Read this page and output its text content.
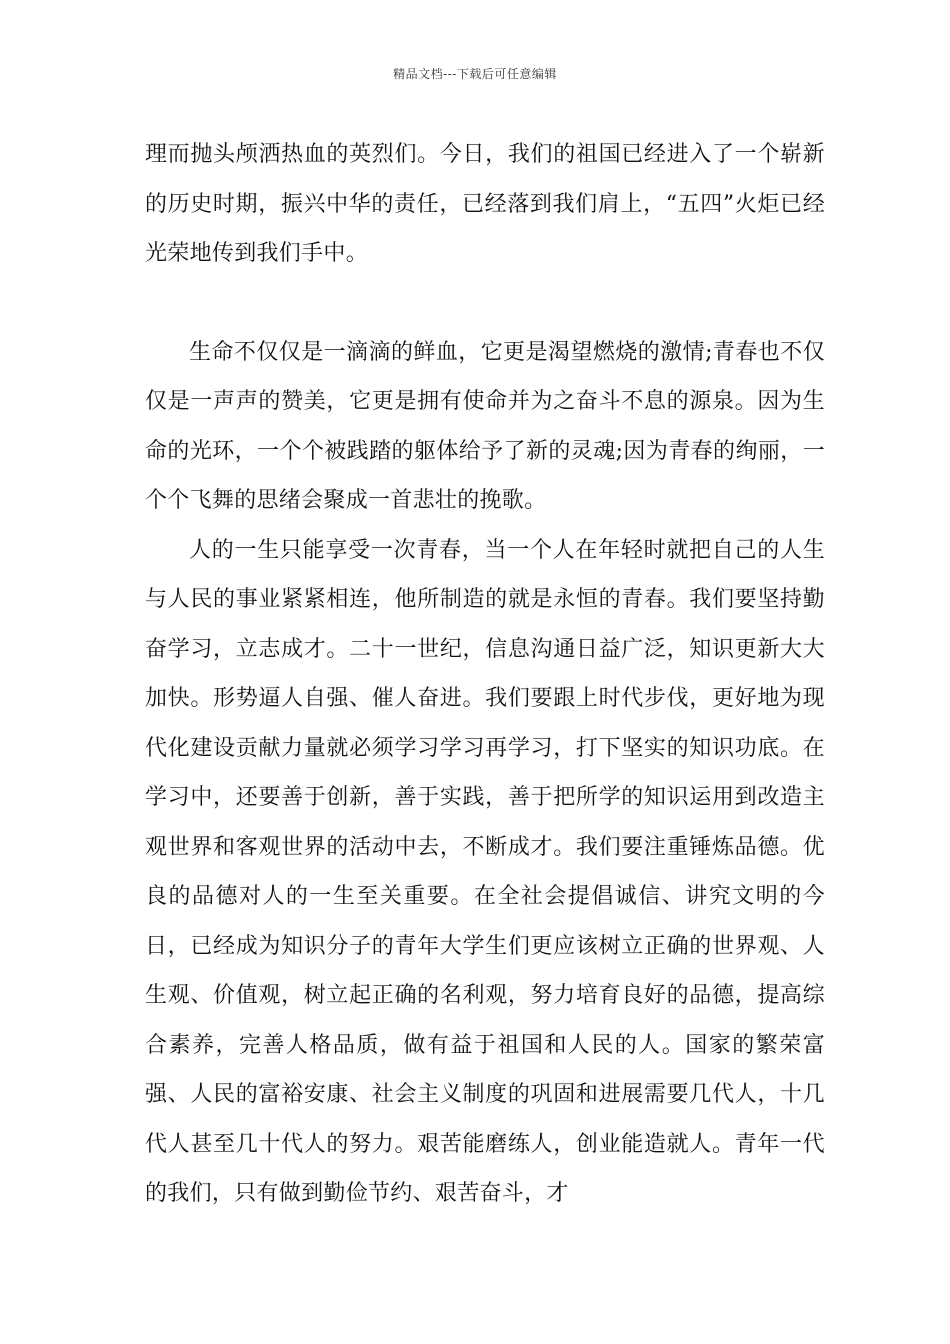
精品文档---下载后可任意编辑

理而抛头颅洒热血的英烈们。今日，我们的祖国已经进入了一个崭新的历史时期，振兴中华的责任，已经落到我们肩上，“五四”火炬已经光荣地传到我们手中。

生命不仅仅是一滴滴的鲜血，它更是渴望燃烧的激情;青春也不仅仅是一声声的赞美，它更是拥有使命并为之奋斗不息的源泉。因为生命的光环，一个个被践踏的躯体给予了新的灵魂;因为青春的绚丽，一个个飞舞的思绪会聚成一首悲壮的挽歌。

人的一生只能享受一次青春，当一个人在年轻时就把自己的人生与人民的事业紧紧相连，他所制造的就是永恒的青春。我们要坚持勤奋学习，立志成才。二十一世纪，信息沟通日益广泛，知识更新大大加快。形势逼人自强、催人奋进。我们要跟上时代步伐，更好地为现代化建设贡献力量就必须学习学习再学习，打下坚实的知识功底。在学习中，还要善于创新，善于实践，善于把所学的知识运用到改造主观世界和客观世界的活动中去，不断成才。我们要注重锤炼品德。优良的品德对人的一生至关重要。在全社会提倡诚信、讲究文明的今日，已经成为知识分子的青年大学生们更应该树立正确的世界观、人生观、价值观，树立起正确的名利观，努力培育良好的品德，提高综合素养，完善人格品质，做有益于祖国和人民的人。国家的繁荣富强、人民的富裕安康、社会主义制度的巩固和进展需要几代人，十几代人甚至几十代人的努力。艰苦能磨练人，创业能造就人。青年一代的我们，只有做到勤俭节约、艰苦奋斗，才
